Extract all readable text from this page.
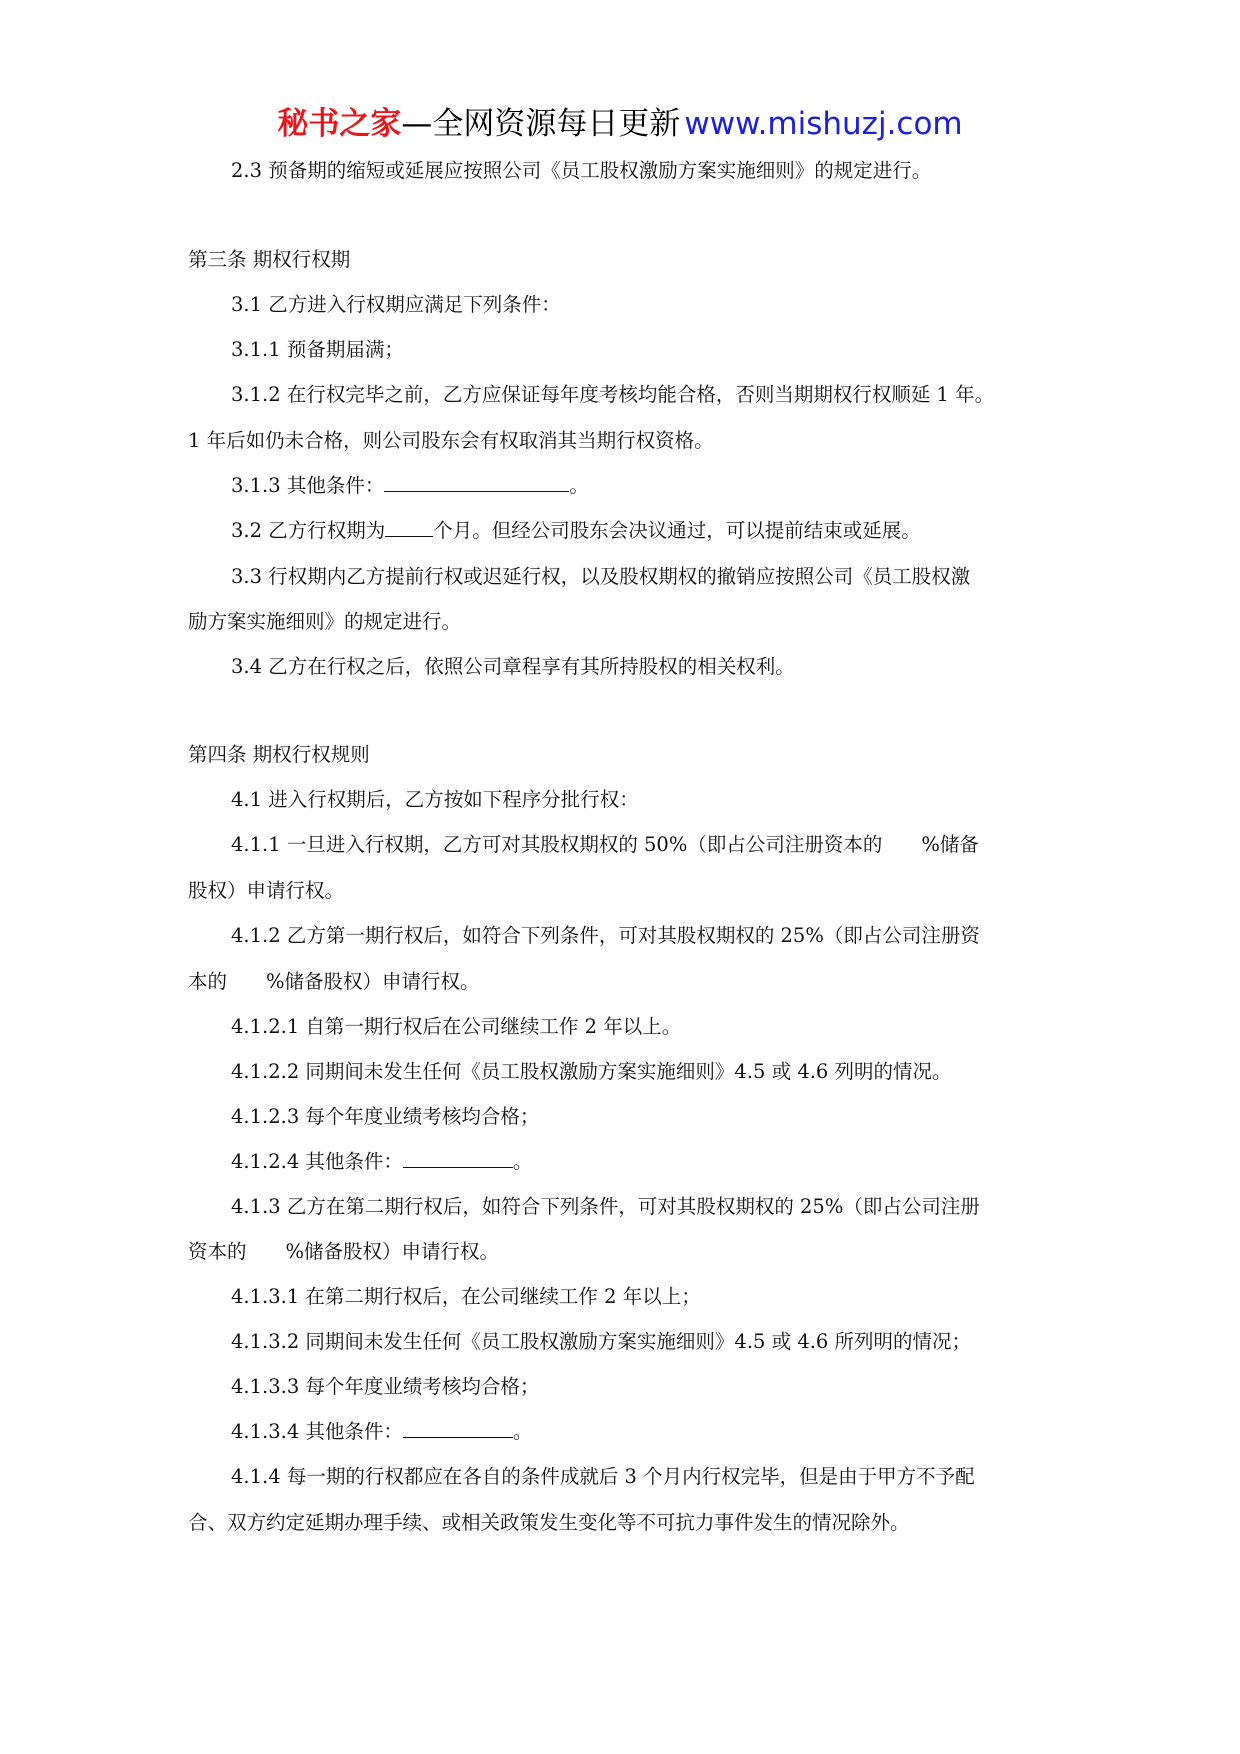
秘书之家—全网资源每日更新 www.mishuzj.com
2.3 预备期的缩短或延展应按照公司《员工股权激励方案实施细则》的规定进行。
第三条 期权行权期
3.1 乙方进入行权期应满足下列条件：
3.1.1 预备期届满；
3.1.2 在行权完毕之前，乙方应保证每年度考核均能合格，否则当期期权行权顺延 1 年。
1 年后如仍未合格，则公司股东会有权取消其当期行权资格。
3.1.3 其他条件：	。
3.2 乙方行权期为 个月。但经公司股东会决议通过，可以提前结束或延展。
3.3 行权期内乙方提前行权或迟延行权，以及股权期权的撤销应按照公司《员工股权激
励方案实施细则》的规定进行。
3.4 乙方在行权之后，依照公司章程享有其所持股权的相关权利。
第四条 期权行权规则
4.1 进入行权期后，乙方按如下程序分批行权：
4.1.1 一旦进入行权期，乙方可对其股权期权的 50%（即占公司注册资本的　　%储备
股权）申请行权。
4.1.2 乙方第一期行权后，如符合下列条件，可对其股权期权的 25%（即占公司注册资
本的　　%储备股权）申请行权。
4.1.2.1 自第一期行权后在公司继续工作 2 年以上。
4.1.2.2 同期间未发生任何《员工股权激励方案实施细则》4.5 或 4.6 列明的情况。
4.1.2.3 每个年度业绩考核均合格；
4.1.2.4 其他条件：	。
4.1.3 乙方在第二期行权后，如符合下列条件，可对其股权期权的 25%（即占公司注册
资本的　　%储备股权）申请行权。
4.1.3.1 在第二期行权后，在公司继续工作 2 年以上；
4.1.3.2 同期间未发生任何《员工股权激励方案实施细则》4.5 或 4.6 所列明的情况；
4.1.3.3 每个年度业绩考核均合格；
4.1.3.4 其他条件：	。
4.1.4 每一期的行权都应在各自的条件成就后 3 个月内行权完毕，但是由于甲方不予配
合、双方约定延期办理手续、或相关政策发生变化等不可抗力事件发生的情况除外。
